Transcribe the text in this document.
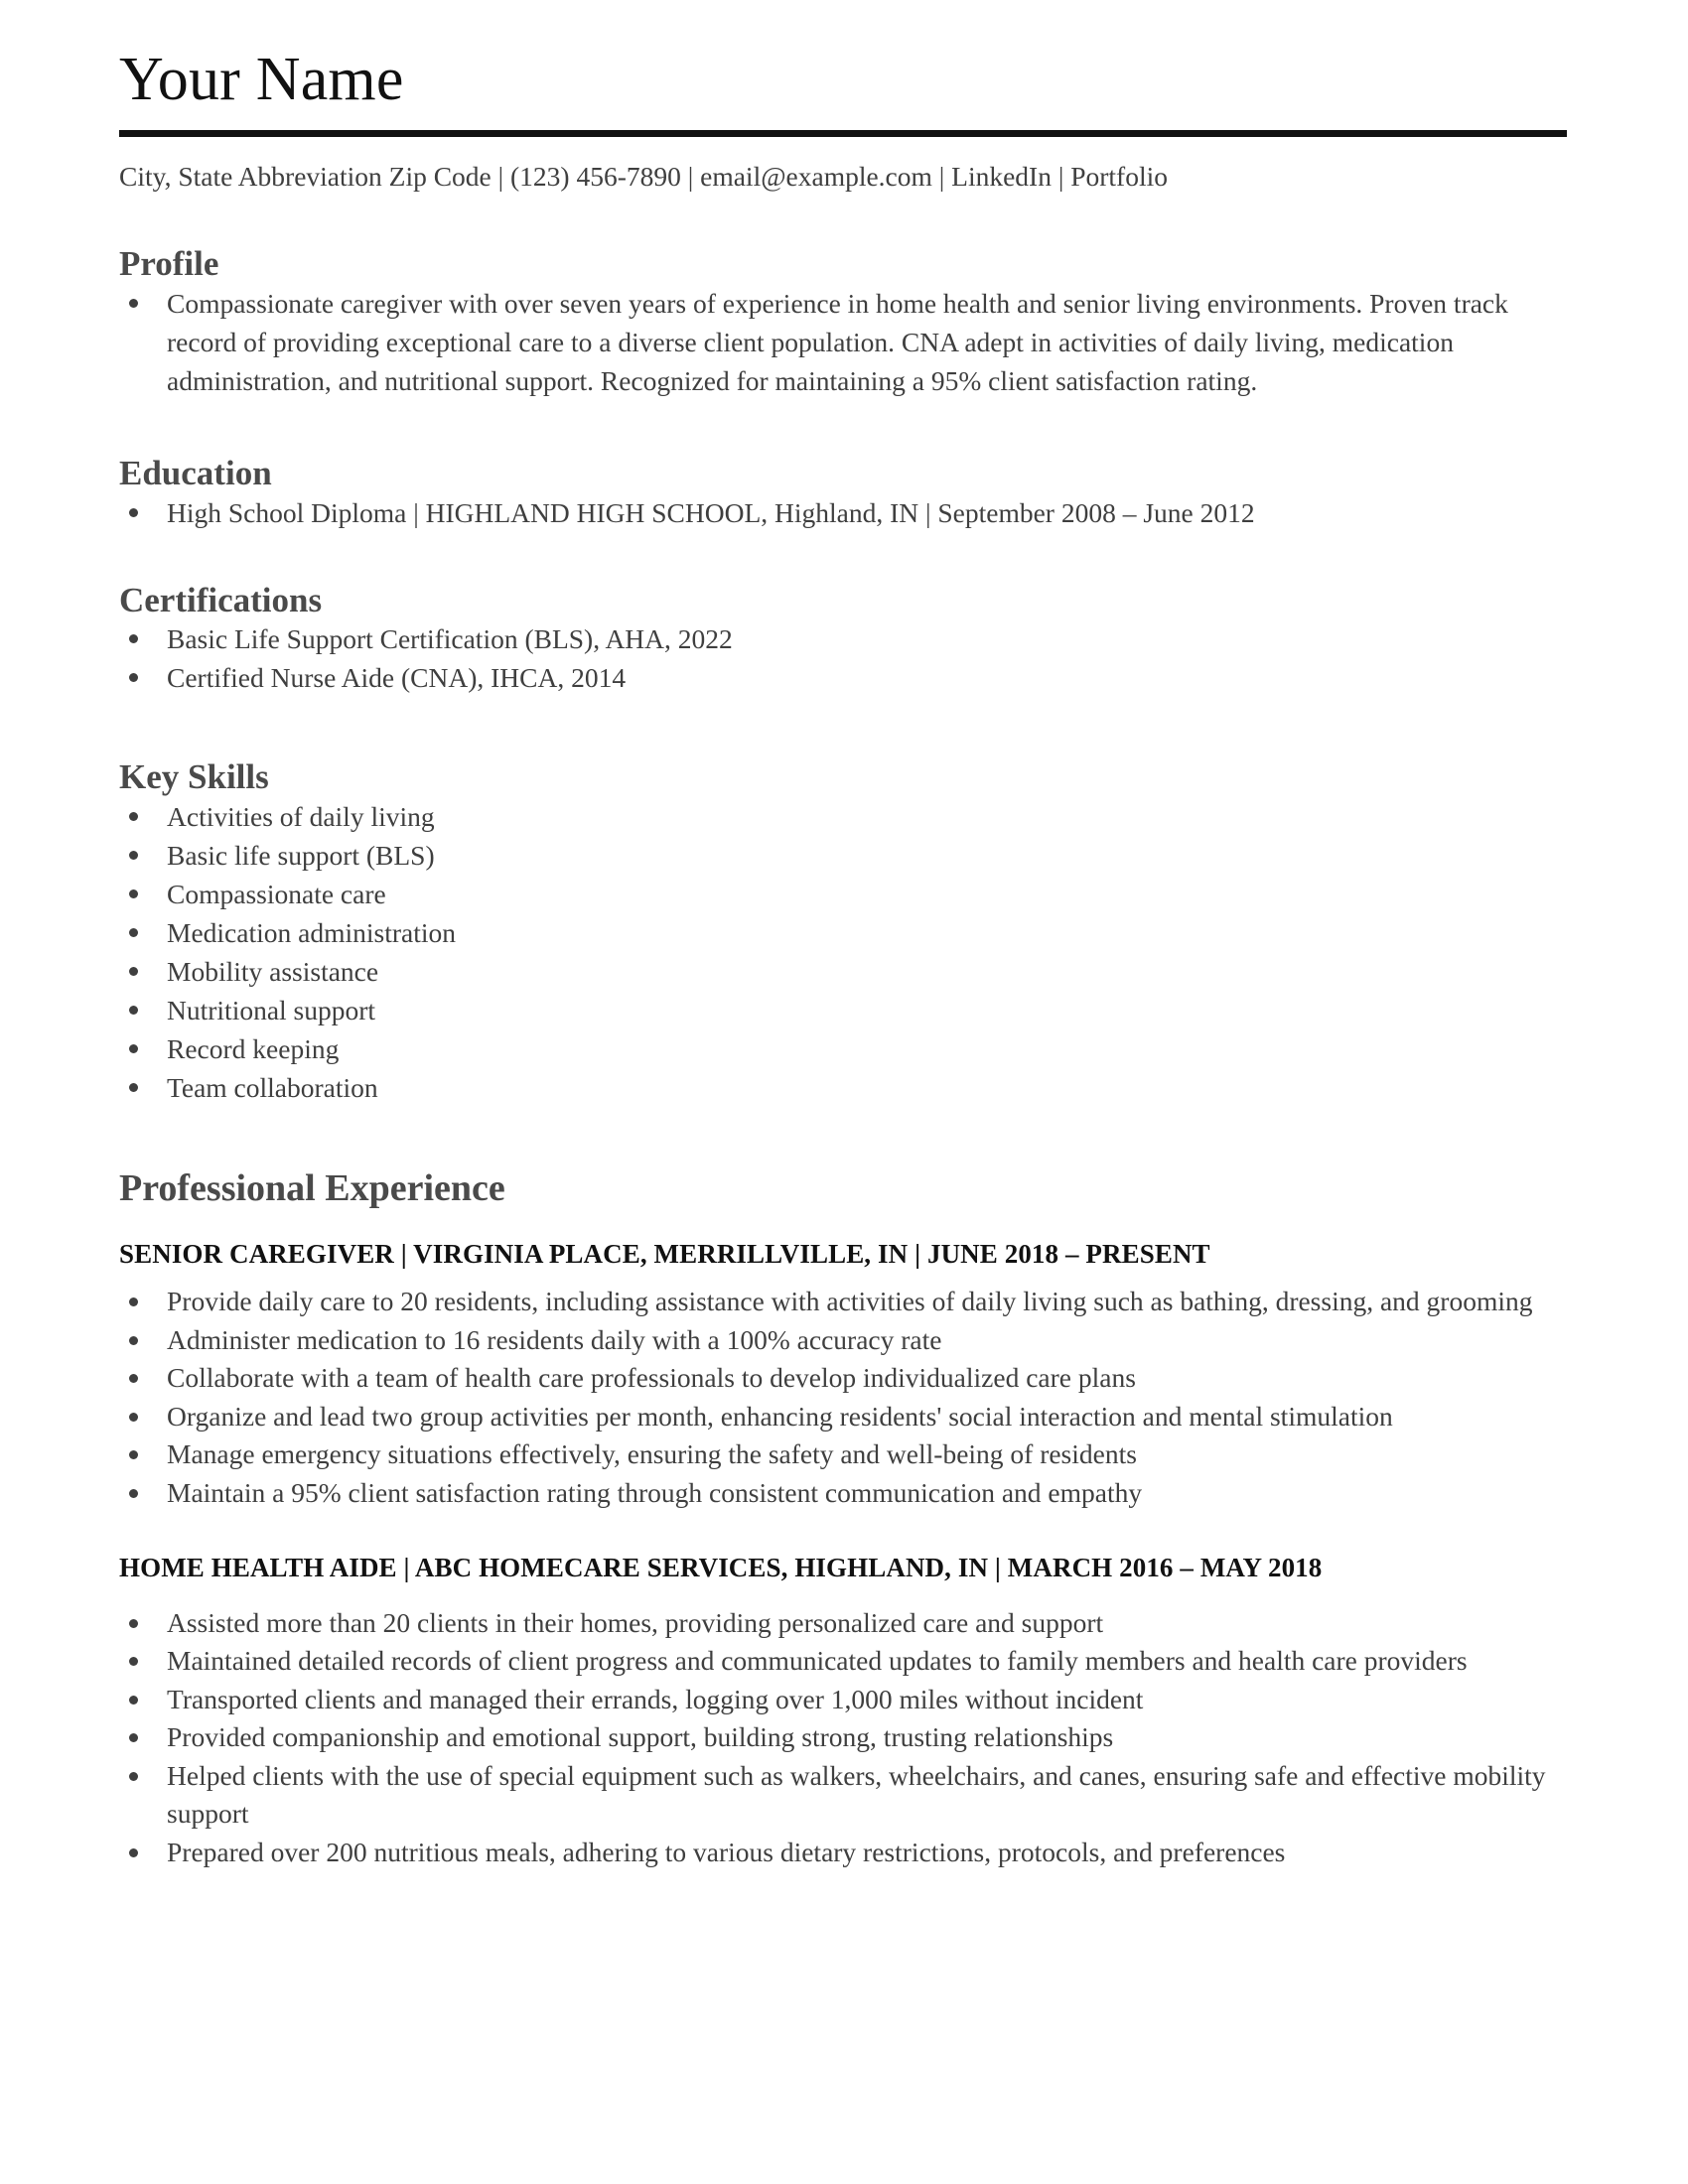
Your Name

City, State Abbreviation Zip Code | (123) 456-7890 | email@example.com | LinkedIn | Portfolio

Profile
Compassionate caregiver with over seven years of experience in home health and senior living environments. Proven track record of providing exceptional care to a diverse client population. CNA adept in activities of daily living, medication administration, and nutritional support. Recognized for maintaining a 95% client satisfaction rating.
Education
High School Diploma | HIGHLAND HIGH SCHOOL, Highland, IN | September 2008 – June 2012
Certifications
Basic Life Support Certification (BLS), AHA, 2022
Certified Nurse Aide (CNA), IHCA, 2014
Key Skills
Activities of daily living
Basic life support (BLS)
Compassionate care
Medication administration
Mobility assistance
Nutritional support
Record keeping
Team collaboration
Professional Experience
SENIOR CAREGIVER | VIRGINIA PLACE, MERRILLVILLE, IN | JUNE 2018 – PRESENT
Provide daily care to 20 residents, including assistance with activities of daily living such as bathing, dressing, and grooming
Administer medication to 16 residents daily with a 100% accuracy rate
Collaborate with a team of health care professionals to develop individualized care plans
Organize and lead two group activities per month, enhancing residents' social interaction and mental stimulation
Manage emergency situations effectively, ensuring the safety and well-being of residents
Maintain a 95% client satisfaction rating through consistent communication and empathy
HOME HEALTH AIDE | ABC HOMECARE SERVICES, HIGHLAND, IN | MARCH 2016 – MAY 2018
Assisted more than 20 clients in their homes, providing personalized care and support
Maintained detailed records of client progress and communicated updates to family members and health care providers
Transported clients and managed their errands, logging over 1,000 miles without incident
Provided companionship and emotional support, building strong, trusting relationships
Helped clients with the use of special equipment such as walkers, wheelchairs, and canes, ensuring safe and effective mobility support
Prepared over 200 nutritious meals, adhering to various dietary restrictions, protocols, and preferences
